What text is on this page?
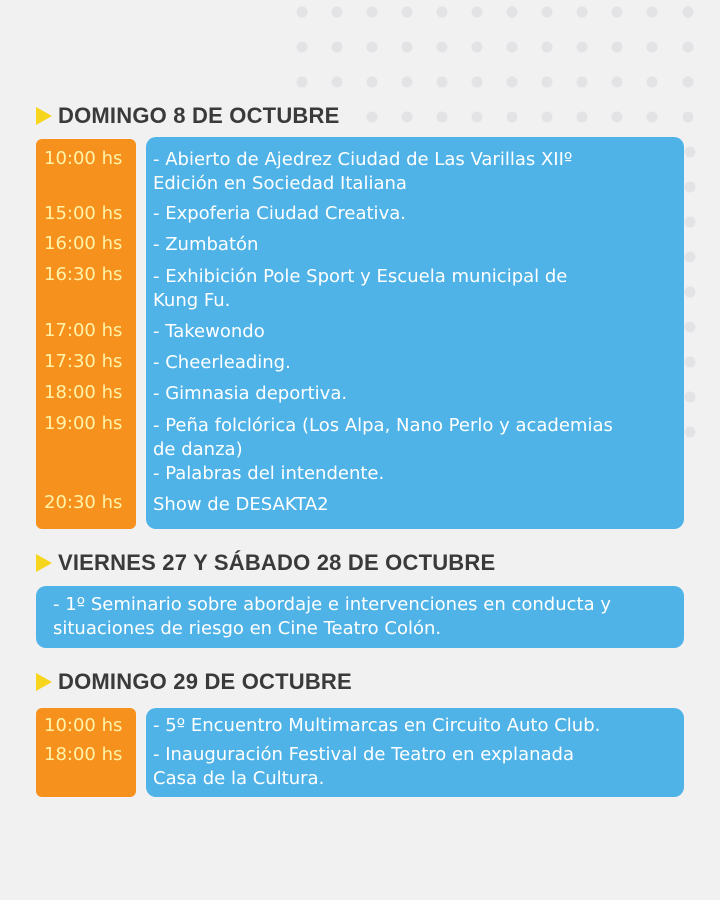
DOMINGO 8 DE OCTUBRE
10:00 hs
15:00 hs
16:00 hs
16:30 hs
17:00 hs
17:30 hs
18:00 hs
19:00 hs
20:30 hs
- Abierto de Ajedrez Ciudad de Las Varillas XIIº
Edición en Sociedad Italiana
- Expoferia Ciudad Creativa.
- Zumbatón
- Exhibición Pole Sport y Escuela municipal de
Kung Fu.
- Takewondo
- Cheerleading.
- Gimnasia deportiva.
- Peña folclórica (Los Alpa, Nano Perlo y academias
de danza)
- Palabras del intendente.
Show de DESAKTA2
VIERNES 27 Y SÁBADO 28 DE OCTUBRE
- 1º Seminario sobre abordaje e intervenciones en conducta y
situaciones de riesgo en Cine Teatro Colón.
DOMINGO 29 DE OCTUBRE
10:00 hs
18:00 hs
- 5º Encuentro Multimarcas en Circuito Auto Club.
- Inauguración Festival de Teatro en explanada
Casa de la Cultura.
